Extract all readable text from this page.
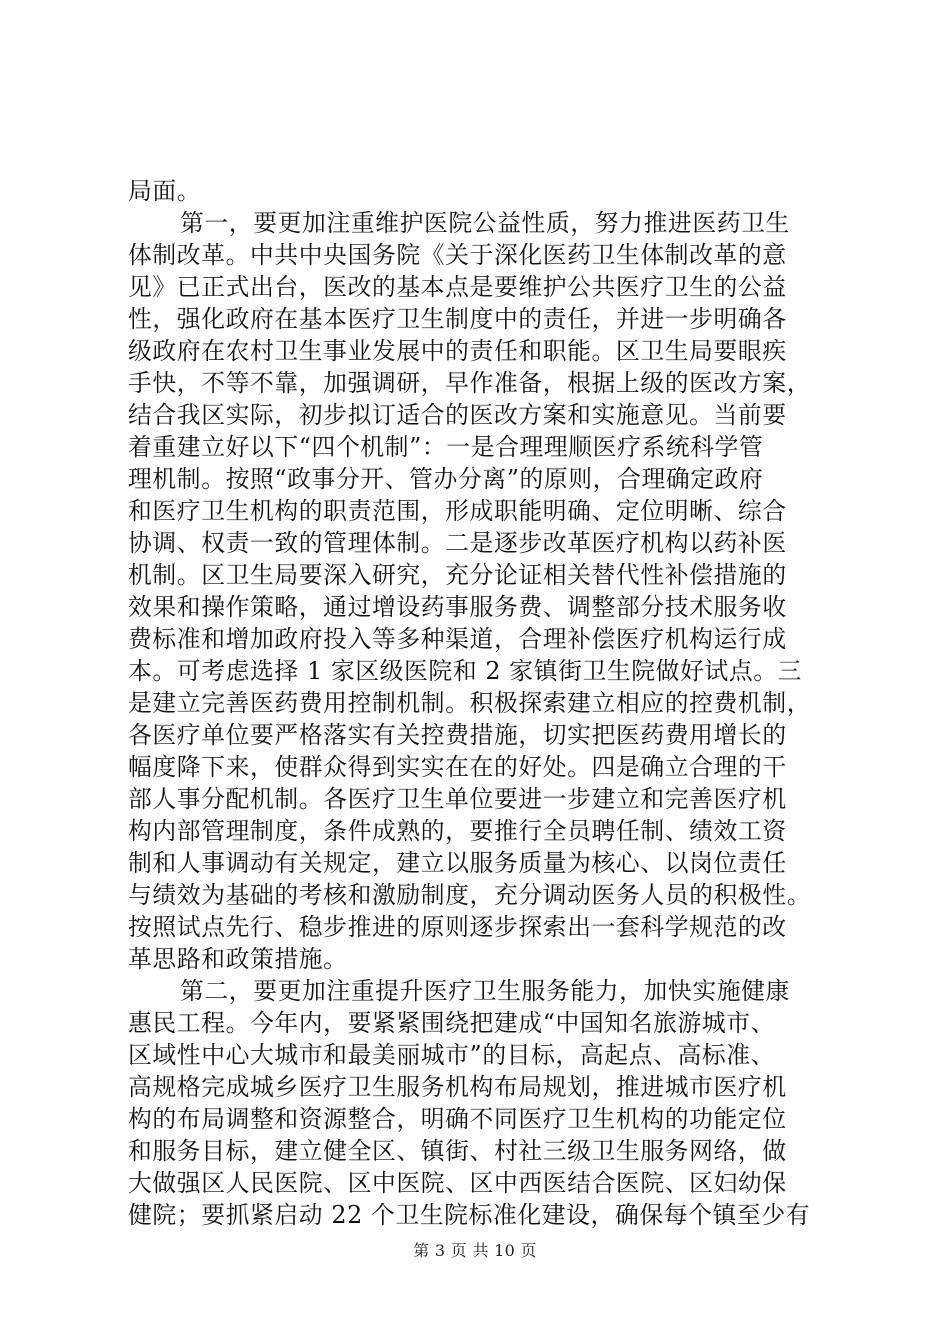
局面。
第一，要更加注重维护医院公益性质，努力推进医药卫生
体制改革。中共中央国务院《关于深化医药卫生体制改革的意
见》已正式出台，医改的基本点是要维护公共医疗卫生的公益
性，强化政府在基本医疗卫生制度中的责任，并进一步明确各
级政府在农村卫生事业发展中的责任和职能。区卫生局要眼疾
手快，不等不靠，加强调研，早作准备，根据上级的医改方案，
结合我区实际，初步拟订适合的医改方案和实施意见。当前要
着重建立好以下“四个机制”：一是合理理顺医疗系统科学管
理机制。按照“政事分开、管办分离”的原则，合理确定政府
和医疗卫生机构的职责范围，形成职能明确、定位明晰、综合
协调、权责一致的管理体制。二是逐步改革医疗机构以药补医
机制。区卫生局要深入研究，充分论证相关替代性补偿措施的
效果和操作策略，通过增设药事服务费、调整部分技术服务收
费标准和增加政府投入等多种渠道，合理补偿医疗机构运行成
本。可考虑选择 1 家区级医院和 2 家镇街卫生院做好试点。三
是建立完善医药费用控制机制。积极探索建立相应的控费机制，
各医疗单位要严格落实有关控费措施，切实把医药费用增长的
幅度降下来，使群众得到实实在在的好处。四是确立合理的干
部人事分配机制。各医疗卫生单位要进一步建立和完善医疗机
构内部管理制度，条件成熟的，要推行全员聘任制、绩效工资
制和人事调动有关规定，建立以服务质量为核心、以岗位责任
与绩效为基础的考核和激励制度，充分调动医务人员的积极性。
按照试点先行、稳步推进的原则逐步探索出一套科学规范的改
革思路和政策措施。
第二，要更加注重提升医疗卫生服务能力，加快实施健康
惠民工程。今年内，要紧紧围绕把建成“中国知名旅游城市、
区域性中心大城市和最美丽城市”的目标，高起点、高标准、
高规格完成城乡医疗卫生服务机构布局规划，推进城市医疗机
构的布局调整和资源整合，明确不同医疗卫生机构的功能定位
和服务目标，建立健全区、镇街、村社三级卫生服务网络，做
大做强区人民医院、区中医院、区中西医结合医院、区妇幼保
健院；要抓紧启动 22 个卫生院标准化建设，确保每个镇至少有
第 3 页 共 10 页
